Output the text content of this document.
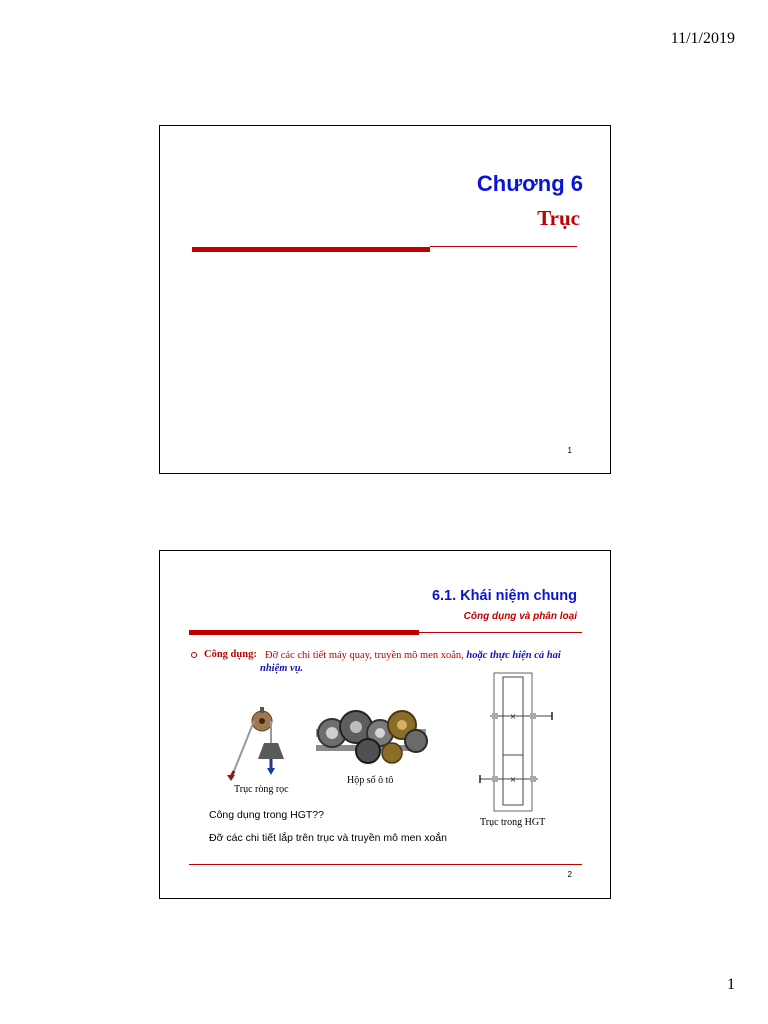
11/1/2019
Chương 6
Trục
1
6.1. Khái niệm chung
Công dụng và phân loại
Công dụng: Đỡ các chi tiết máy quay, truyền mô men xoắn, hoặc thực hiện cả hai
nhiệm vụ.
Trục ròng rọc
Hộp số ô tô
×
×
Trục trong HGT
Công dụng trong HGT??
Đỡ các chi tiết lắp trên trục và truyền mô men xoắn
2
1
